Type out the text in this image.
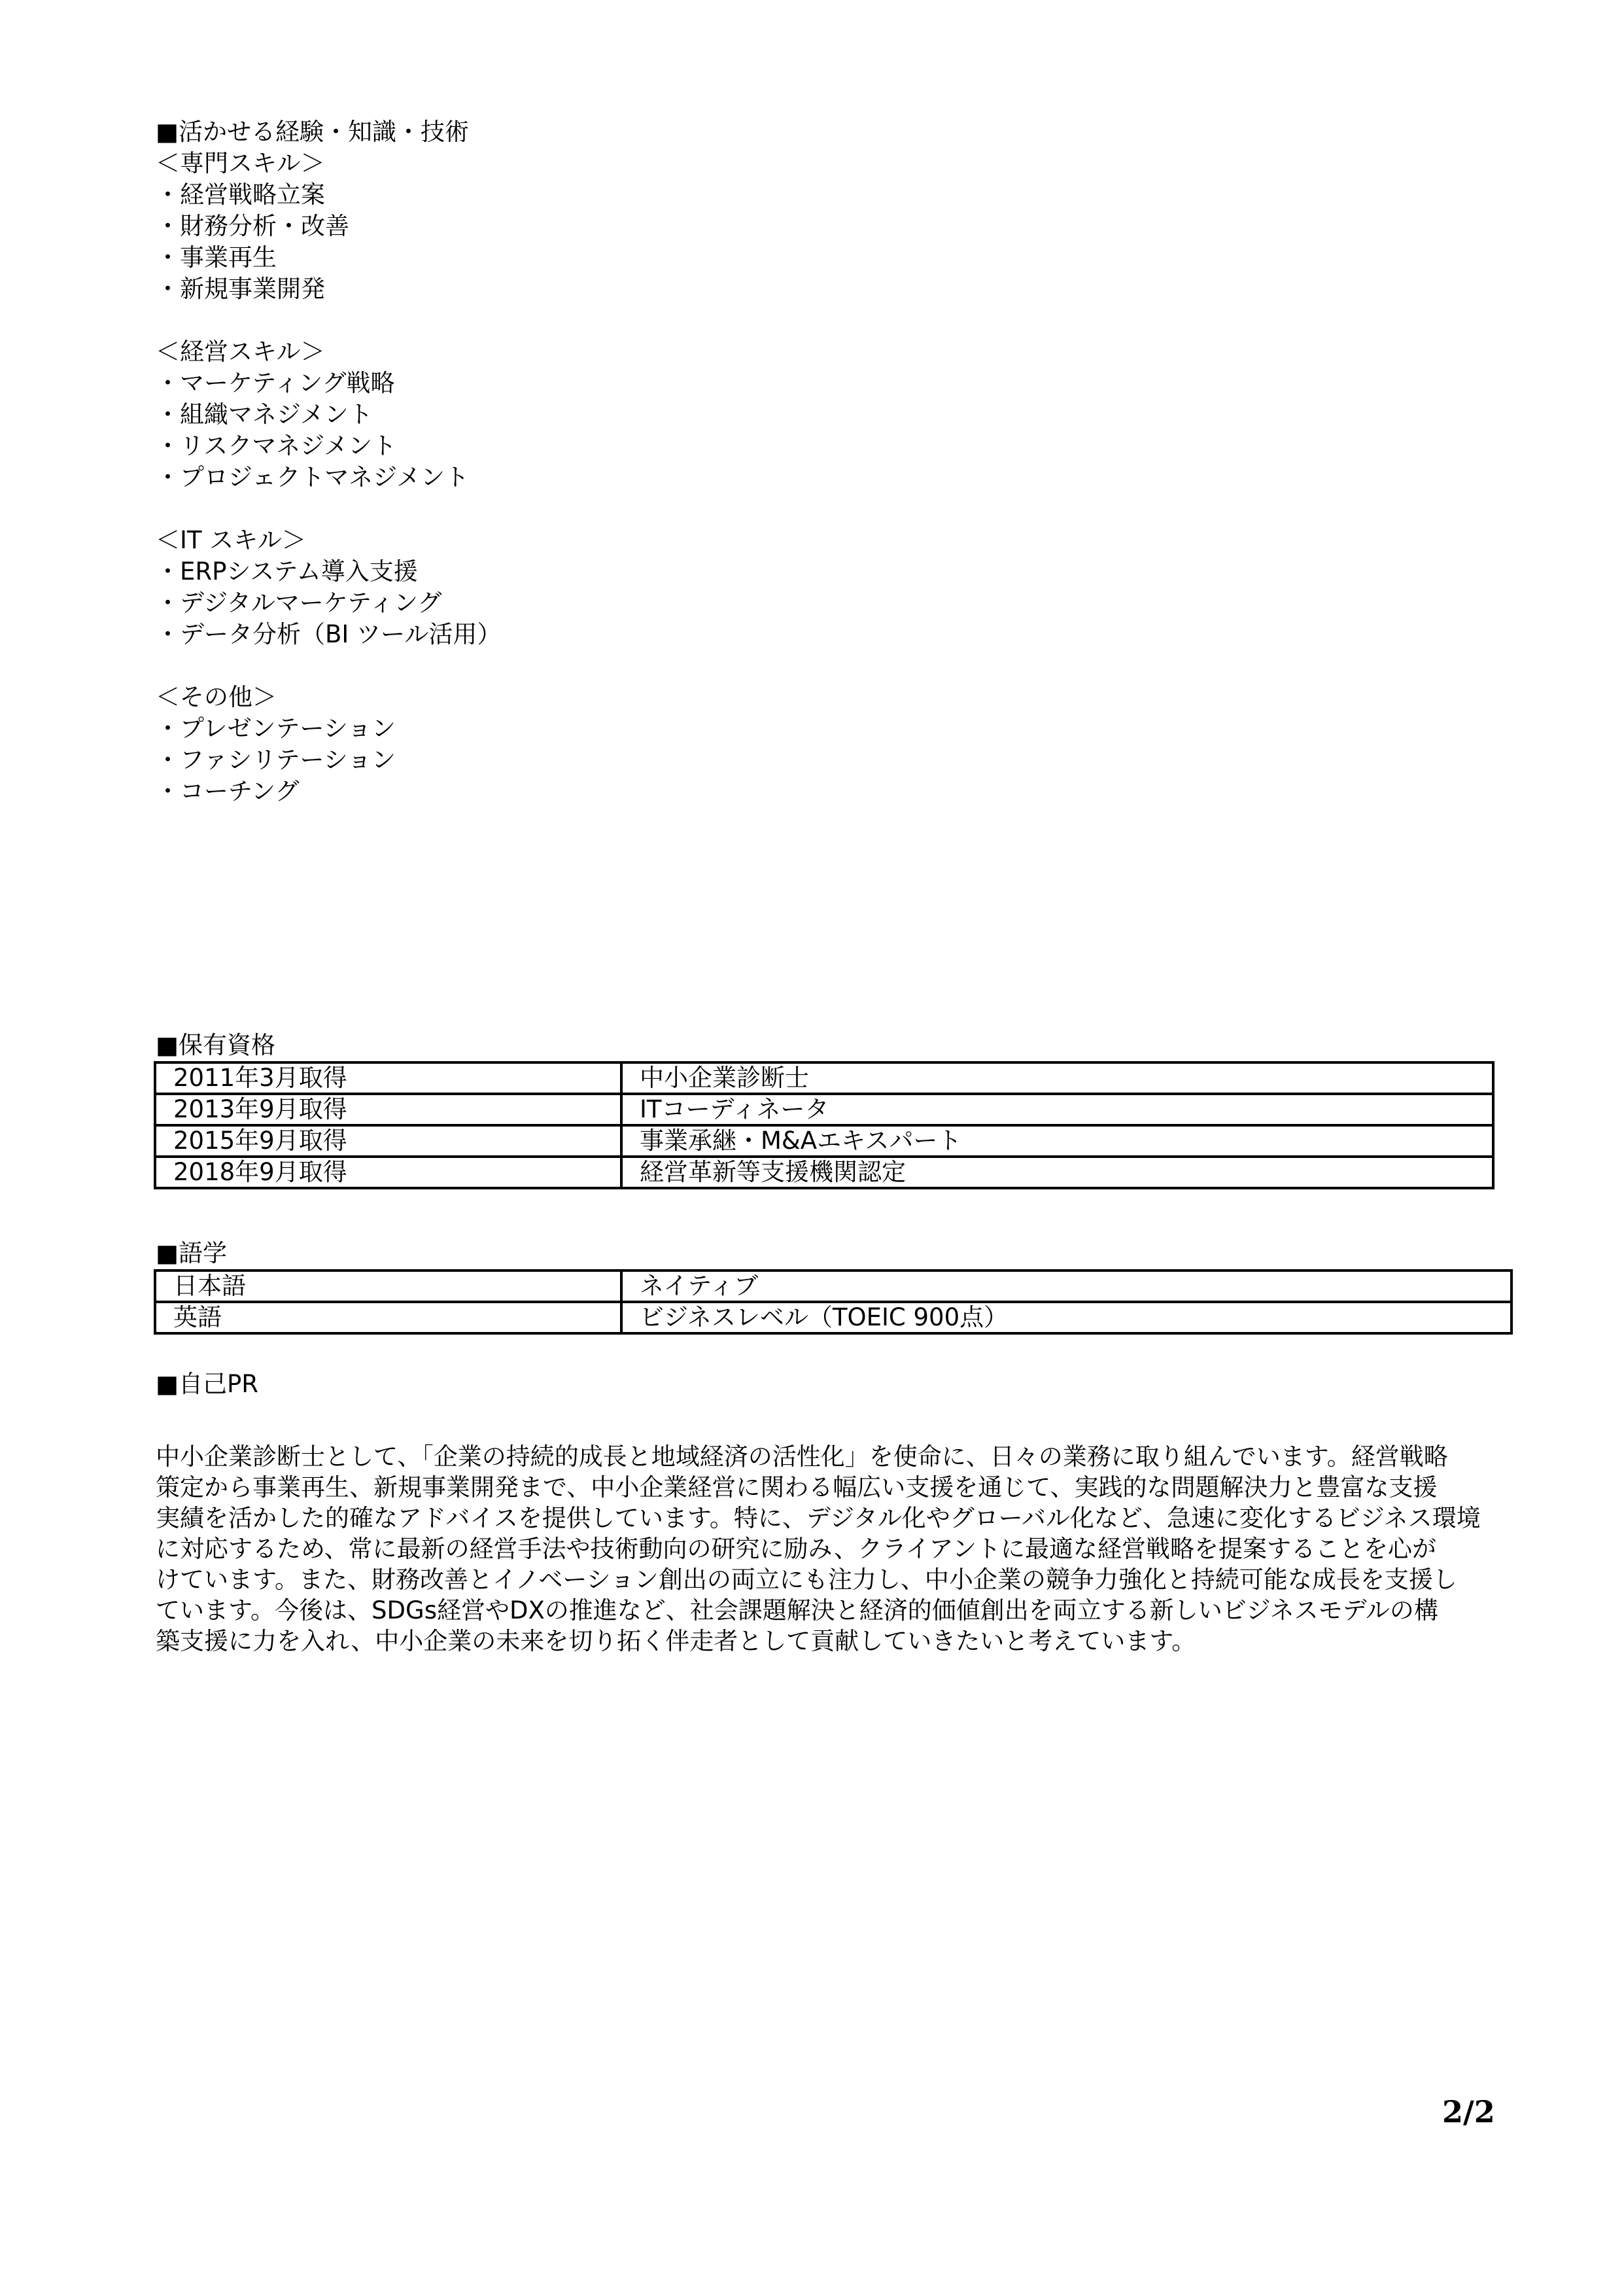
■活かせる経験・知識・技術
＜専門スキル＞
・経営戦略立案
・財務分析・改善
・事業再生
・新規事業開発
＜経営スキル＞
・マーケティング戦略
・組織マネジメント
・リスクマネジメント
・プロジェクトマネジメント
＜IT スキル＞
・ERPシステム導入支援
・デジタルマーケティング
・データ分析（BI ツール活用）
＜その他＞
・プレゼンテーション
・ファシリテーション
・コーチング
■保有資格
2011年3月取得	中小企業診断士
2013年9月取得	ITコーディネータ
2015年9月取得	事業承継・M&Aエキスパート
2018年9月取得	経営革新等支援機関認定
■語学
日本語	ネイティブ
英語	ビジネスレベル（TOEIC 900点）
■自己PR
中小企業診断士として、「企業の持続的成長と地域経済の活性化」を使命に、日々の業務に取り組んでいます。経営戦略
策定から事業再生、新規事業開発まで、中小企業経営に関わる幅広い支援を通じて、実践的な問題解決力と豊富な支援
実績を活かした的確なアドバイスを提供しています。特に、デジタル化やグローバル化など、急速に変化するビジネス環境
に対応するため、常に最新の経営手法や技術動向の研究に励み、クライアントに最適な経営戦略を提案することを心が
けています。また、財務改善とイノベーション創出の両立にも注力し、中小企業の競争力強化と持続可能な成長を支援し
ています。今後は、SDGs経営やDXの推進など、社会課題解決と経済的価値創出を両立する新しいビジネスモデルの構
築支援に力を入れ、中小企業の未来を切り拓く伴走者として貢献していきたいと考えています。
2/2
